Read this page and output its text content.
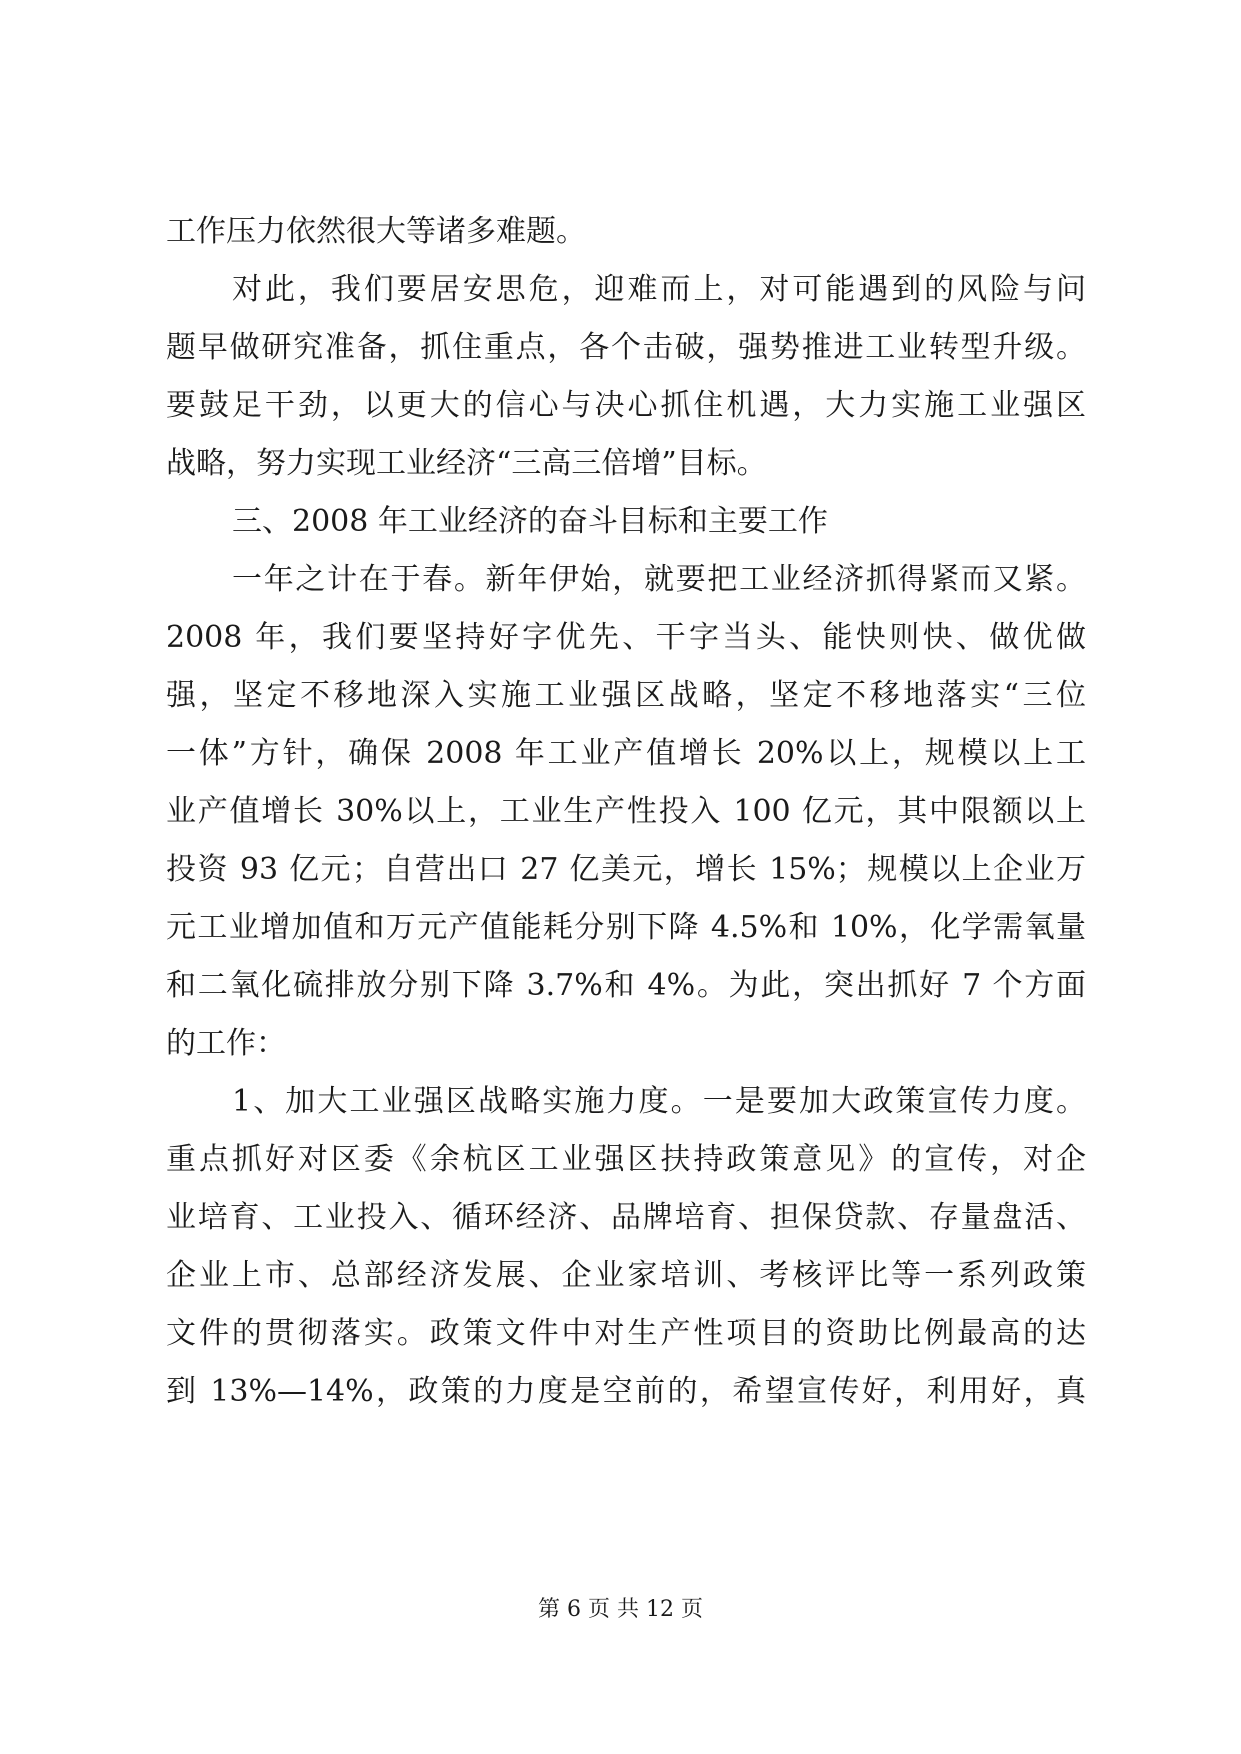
工作压力依然很大等诸多难题。
对此，我们要居安思危，迎难而上，对可能遇到的风险与问
题早做研究准备，抓住重点，各个击破，强势推进工业转型升级。
要鼓足干劲，以更大的信心与决心抓住机遇，大力实施工业强区
战略，努力实现工业经济“三高三倍增”目标。
三、2008 年工业经济的奋斗目标和主要工作
一年之计在于春。新年伊始，就要把工业经济抓得紧而又紧。
2008 年，我们要坚持好字优先、干字当头、能快则快、做优做
强，坚定不移地深入实施工业强区战略，坚定不移地落实“三位
一体”方针，确保 2008 年工业产值增长 20%以上，规模以上工
业产值增长 30%以上，工业生产性投入 100 亿元，其中限额以上
投资 93 亿元；自营出口 27 亿美元，增长 15%；规模以上企业万
元工业增加值和万元产值能耗分别下降 4.5%和 10%，化学需氧量
和二氧化硫排放分别下降 3.7%和 4%。为此，突出抓好 7 个方面
的工作：
1、加大工业强区战略实施力度。一是要加大政策宣传力度。
重点抓好对区委《余杭区工业强区扶持政策意见》的宣传，对企
业培育、工业投入、循环经济、品牌培育、担保贷款、存量盘活、
企业上市、总部经济发展、企业家培训、考核评比等一系列政策
文件的贯彻落实。政策文件中对生产性项目的资助比例最高的达
到 13%—14%，政策的力度是空前的，希望宣传好，利用好，真
第 6 页 共 12 页
